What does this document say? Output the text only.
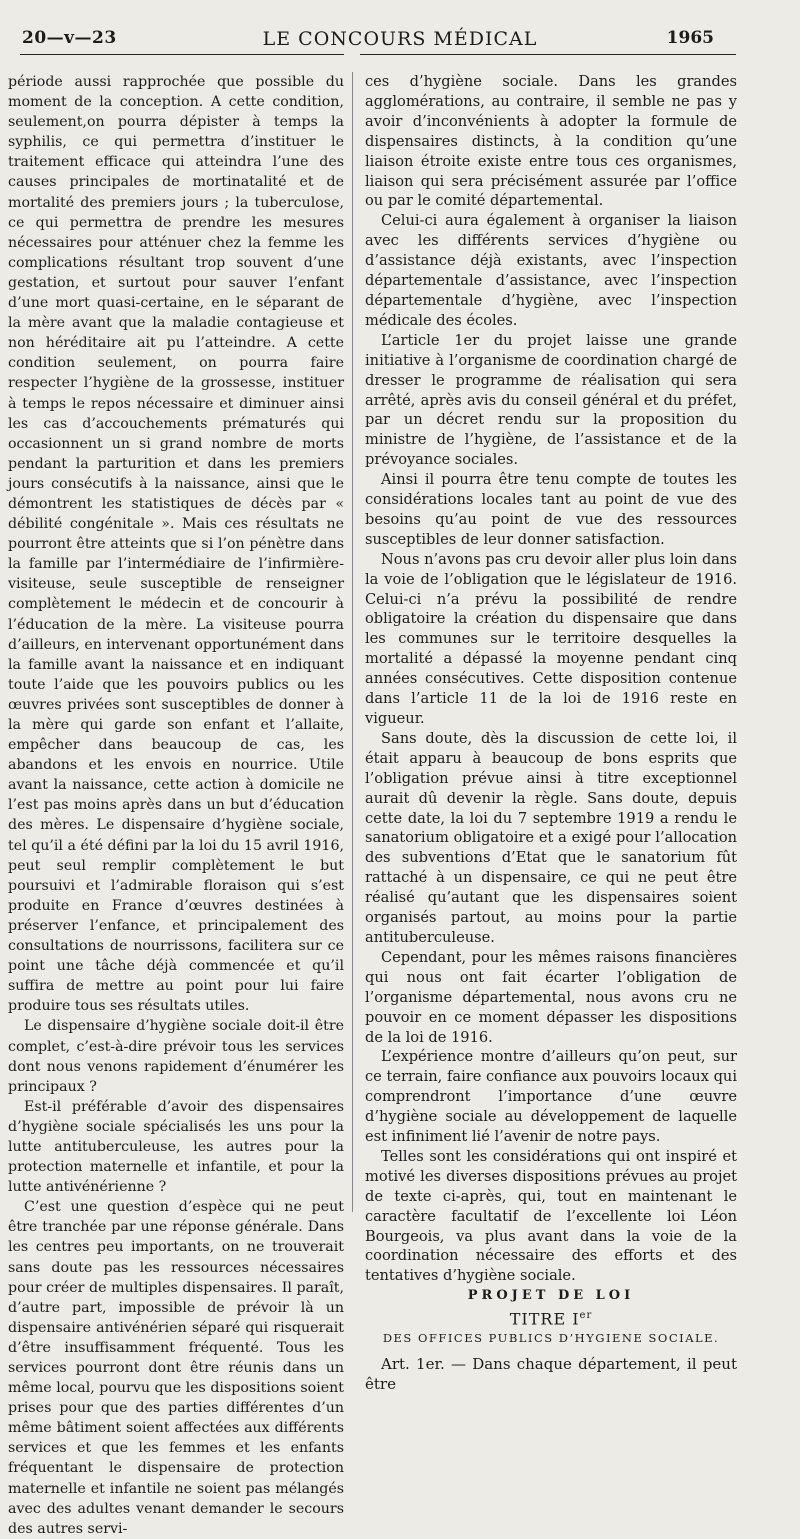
20—v—23	LE CONCOURS MÉDICAL	1965

période aussi rapprochée que possible du moment de la conception. A cette condition, seulement,on pourra dépister à temps la syphilis, ce qui permettra d’instituer le traitement efficace qui atteindra l’une des causes principales de mortinatalité et de mortalité des premiers jours ; la tuberculose, ce qui permettra de prendre les mesures nécessaires pour atténuer chez la femme les complications résultant trop souvent d’une gestation, et surtout pour sauver l’enfant d’une mort quasi-certaine, en le séparant de la mère avant que la maladie contagieuse et non héréditaire ait pu l’atteindre. A cette condition seulement, on pourra faire respecter l’hygiène de la grossesse, instituer à temps le repos nécessaire et diminuer ainsi les cas d’accouchements prématurés qui occasionnent un si grand nombre de morts pendant la parturition et dans les premiers jours consécutifs à la naissance, ainsi que le démontrent les statistiques de décès par « débilité congénitale ». Mais ces résultats ne pourront être atteints que si l’on pénètre dans la famille par l’intermédiaire de l’infirmière-visiteuse, seule susceptible de renseigner complètement le médecin et de concourir à l’éducation de la mère. La visiteuse pourra d’ailleurs, en intervenant opportunément dans la famille avant la naissance et en indiquant toute l’aide que les pouvoirs publics ou les œuvres privées sont susceptibles de donner à la mère qui garde son enfant et l’allaite, empêcher dans beaucoup de cas, les abandons et les envois en nourrice. Utile avant la naissance, cette action à domicile ne l’est pas moins après dans un but d’éducation des mères. Le dispensaire d’hygiène sociale, tel qu’il a été défini par la loi du 15 avril 1916, peut seul remplir complètement le but poursuivi et l’admirable floraison qui s’est produite en France d’œuvres destinées à préserver l’enfance, et principalement des consultations de nourrissons, facilitera sur ce point une tâche déjà commencée et qu’il suffira de mettre au point pour lui faire produire tous ses résultats utiles.

Le dispensaire d’hygiène sociale doit-il être complet, c’est-à-dire prévoir tous les services dont nous venons rapidement d’énumérer les principaux ?

Est-il préférable d’avoir des dispensaires d’hygiène sociale spécialisés les uns pour la lutte antituberculeuse, les autres pour la protection maternelle et infantile, et pour la lutte antivénérienne ?

C’est une question d’espèce qui ne peut être tranchée par une réponse générale. Dans les centres peu importants, on ne trouverait sans doute pas les ressources nécessaires pour créer de multiples dispensaires. Il paraît, d’autre part, impossible de prévoir là un dispensaire antivénérien séparé qui risquerait d’être insuffisamment fréquenté. Tous les services pourront dont être réunis dans un même local, pourvu que les dispositions soient prises pour que des parties différentes d’un même bâtiment soient affectées aux différents services et que les femmes et les enfants fréquentant le dispensaire de protection maternelle et infantile ne soient pas mélangés avec des adultes venant demander le secours des autres servi-

ces d’hygiène sociale. Dans les grandes agglomérations, au contraire, il semble ne pas y avoir d’inconvénients à adopter la formule de dispensaires distincts, à la condition qu’une liaison étroite existe entre tous ces organismes, liaison qui sera précisément assurée par l’office ou par le comité départemental.

Celui-ci aura également à organiser la liaison avec les différents services d’hygiène ou d’assistance déjà existants, avec l’inspection départementale d’assistance, avec l’inspection départementale d’hygiène, avec l’inspection médicale des écoles.

L’article 1er du projet laisse une grande initiative à l’organisme de coordination chargé de dresser le programme de réalisation qui sera arrêté, après avis du conseil général et du préfet, par un décret rendu sur la proposition du ministre de l’hygiène, de l’assistance et de la prévoyance sociales.

Ainsi il pourra être tenu compte de toutes les considérations locales tant au point de vue des besoins qu’au point de vue des ressources susceptibles de leur donner satisfaction.

Nous n’avons pas cru devoir aller plus loin dans la voie de l’obligation que le législateur de 1916. Celui-ci n’a prévu la possibilité de rendre obligatoire la création du dispensaire que dans les communes sur le territoire desquelles la mortalité a dépassé la moyenne pendant cinq années consécutives. Cette disposition contenue dans l’article 11 de la loi de 1916 reste en vigueur.

Sans doute, dès la discussion de cette loi, il était apparu à beaucoup de bons esprits que l’obligation prévue ainsi à titre exceptionnel aurait dû devenir la règle. Sans doute, depuis cette date, la loi du 7 septembre 1919 a rendu le sanatorium obligatoire et a exigé pour l’allocation des subventions d’Etat que le sanatorium fût rattaché à un dispensaire, ce qui ne peut être réalisé qu’autant que les dispensaires soient organisés partout, au moins pour la partie antituberculeuse.

Cependant, pour les mêmes raisons financières qui nous ont fait écarter l’obligation de l’organisme départemental, nous avons cru ne pouvoir en ce moment dépasser les dispositions de la loi de 1916.

L’expérience montre d’ailleurs qu’on peut, sur ce terrain, faire confiance aux pouvoirs locaux qui comprendront l’importance d’une œuvre d’hygiène sociale au développement de laquelle est infiniment lié l’avenir de notre pays.

Telles sont les considérations qui ont inspiré et motivé les diverses dispositions prévues au projet de texte ci-après, qui, tout en maintenant le caractère facultatif de l’excellente loi Léon Bourgeois, va plus avant dans la voie de la coordination nécessaire des efforts et des tentatives d’hygiène sociale.

PROJET DE LOI

TITRE Ier

DES OFFICES PUBLICS D’HYGIENE SOCIALE.

Art. 1er. — Dans chaque département, il peut être
